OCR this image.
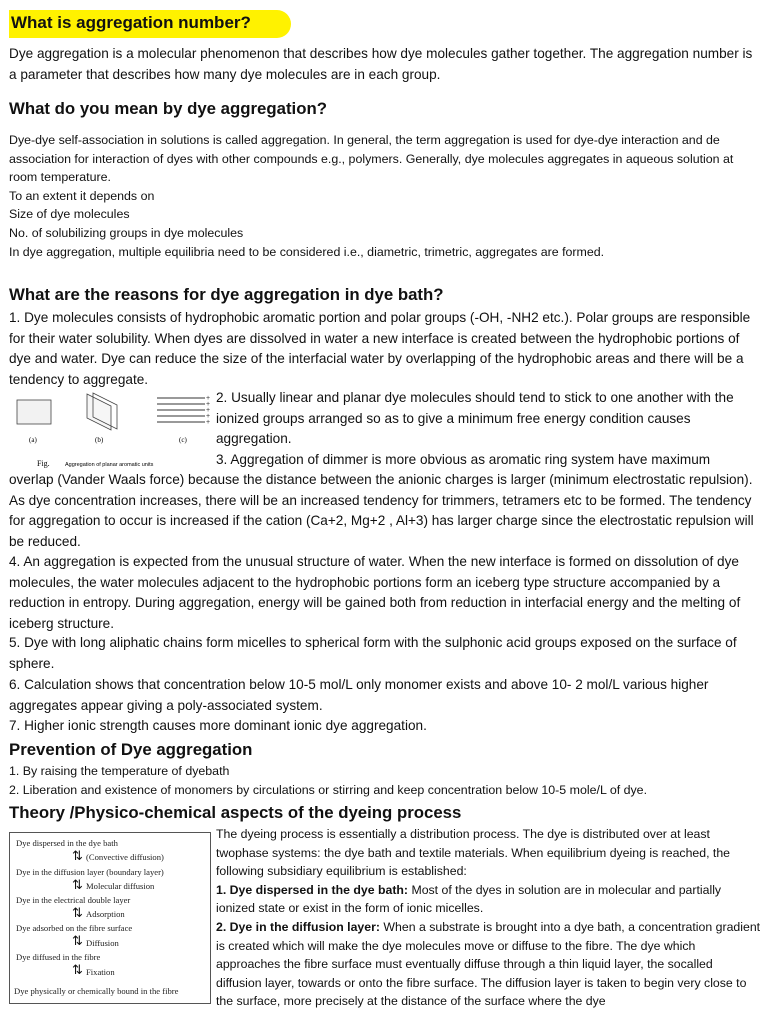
What is aggregation number?
Dye aggregation is a molecular phenomenon that describes how dye molecules gather together. The aggregation number is a parameter that describes how many dye molecules are in each group.
What do you mean by dye aggregation?
Dye-dye self-association in solutions is called aggregation. In general, the term aggregation is used for dye-dye interaction and de association for interaction of dyes with other compounds e.g., polymers. Generally, dye molecules aggregates in aqueous solution at room temperature.
To an extent it depends on
Size of dye molecules
No. of solubilizing groups in dye molecules
In dye aggregation, multiple equilibria need to be considered i.e., diametric, trimetric, aggregates are formed.
What are the reasons for dye aggregation in dye bath?
1. Dye molecules consists of hydrophobic aromatic portion and polar groups (-OH, -NH2 etc.). Polar groups are responsible for their water solubility. When dyes are dissolved in water a new interface is created between the hydrophobic portions of dye and water. Dye can reduce the size of the interfacial water by overlapping of the hydrophobic areas and there will be a tendency to aggregate.
+
+
+
+
+
(a)	(b)	(c)
Fig.	Aggregation of planar aromatic units
2. Usually linear and planar dye molecules should tend to stick to one another with the ionized groups arranged so as to give a minimum free energy condition causes aggregation.
3. Aggregation of dimmer is more obvious as aromatic ring system have maximum
overlap (Vander Waals force) because the distance between the anionic charges is larger (minimum electrostatic repulsion). As dye concentration increases, there will be an increased tendency for trimmers, tetramers etc to be formed. The tendency for aggregation to occur is increased if the cation (Ca+2, Mg+2 , Al+3) has larger charge since the electrostatic repulsion will be reduced.
4. An aggregation is expected from the unusual structure of water. When the new interface is formed on dissolution of dye molecules, the water molecules adjacent to the hydrophobic portions form an iceberg type structure accompanied by a reduction in entropy. During aggregation, energy will be gained both from reduction in interfacial energy and the melting of iceberg structure.
5. Dye with long aliphatic chains form micelles to spherical form with the sulphonic acid groups exposed on the surface of sphere.
6. Calculation shows that concentration below 10-5 mol/L only monomer exists and above 10- 2 mol/L various higher aggregates appear giving a poly-associated system.
7. Higher ionic strength causes more dominant ionic dye aggregation.
Prevention of Dye aggregation
1. By raising the temperature of dyebath
2. Liberation and existence of monomers by circulations or stirring and keep concentration below 10-5 mole/L of dye.
Theory /Physico-chemical aspects of the dyeing process
Dye dispersed in the dye bath
⇅ (Convective diffusion)
Dye in the diffusion layer (boundary layer)
⇅ Molecular diffusion
Dye in the electrical double layer
⇅ Adsorption
Dye adsorbed on the fibre surface
⇅ Diffusion
Dye diffused in the fibre
⇅ Fixation
Dye physically or chemically bound in the fibre
The dyeing process is essentially a distribution process. The dye is distributed over at least twophase systems: the dye bath and textile materials. When equilibrium dyeing is reached, the following subsidiary equilibrium is established:
1. Dye dispersed in the dye bath: Most of the dyes in solution are in molecular and partially ionized state or exist in the form of ionic micelles.
2. Dye in the diffusion layer: When a substrate is brought into a dye bath, a concentration gradient is created which will make the dye molecules move or diffuse to the fibre. The dye which approaches the fibre surface must eventually diffuse through a thin liquid layer, the socalled diffusion layer, towards or onto the fibre surface. The diffusion layer is taken to begin very close to the surface, more precisely at the distance of the surface where the dye
